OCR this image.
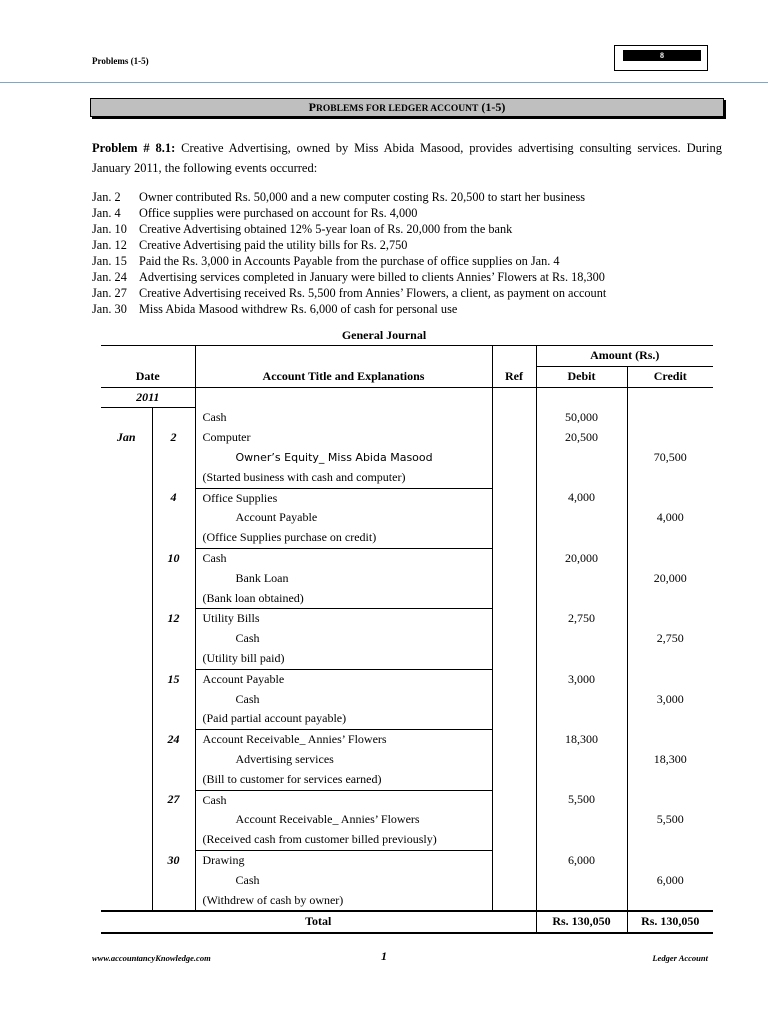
Problems (1-5)
8
PROBLEMS FOR LEDGER ACCOUNT (1-5)
Problem # 8.1: Creative Advertising, owned by Miss Abida Masood, provides advertising consulting services. During January 2011, the following events occurred:
Jan. 2	Owner contributed Rs. 50,000 and a new computer costing Rs. 20,500 to start her business
Jan. 4	Office supplies were purchased on account for Rs. 4,000
Jan. 10 Creative Advertising obtained 12% 5-year loan of Rs. 20,000 from the bank
Jan. 12 Creative Advertising paid the utility bills for Rs. 2,750
Jan. 15 Paid the Rs. 3,000 in Accounts Payable from the purchase of office supplies on Jan. 4
Jan. 24 Advertising services completed in January were billed to clients Annies’ Flowers at Rs. 18,300
Jan. 27 Creative Advertising received Rs. 5,500 from Annies’ Flowers, a client, as payment on account
Jan. 30 Miss Abida Masood withdrew Rs. 6,000 of cash for personal use
General Journal
				Amount (Rs.)	
Date		Account Title and Explanations	Ref	Debit	Credit
2011					
		Cash		50,000	
Jan	2	Computer		20,500	
		Owner’s Equity_ Miss Abida Masood			70,500
		(Started business with cash and computer)			
	4	Office Supplies		4,000	
		Account Payable			4,000
		(Office Supplies purchase on credit)			
	10	Cash		20,000	
		Bank Loan			20,000
		(Bank loan obtained)			
	12	Utility Bills		2,750	
		Cash			2,750
		(Utility bill paid)			
	15	Account Payable		3,000	
		Cash			3,000
		(Paid partial account payable)			
	24	Account Receivable_ Annies’ Flowers		18,300	
		Advertising services			18,300
		(Bill to customer for services earned)			
	27	Cash		5,500	
		Account Receivable_ Annies’ Flowers			5,500
		(Received cash from customer billed previously)			
	30	Drawing		6,000	
		Cash			6,000
		(Withdrew of cash by owner)			
Total				Rs. 130,050	Rs. 130,050
www.accountancyKnowledge.com	1	Ledger Account
